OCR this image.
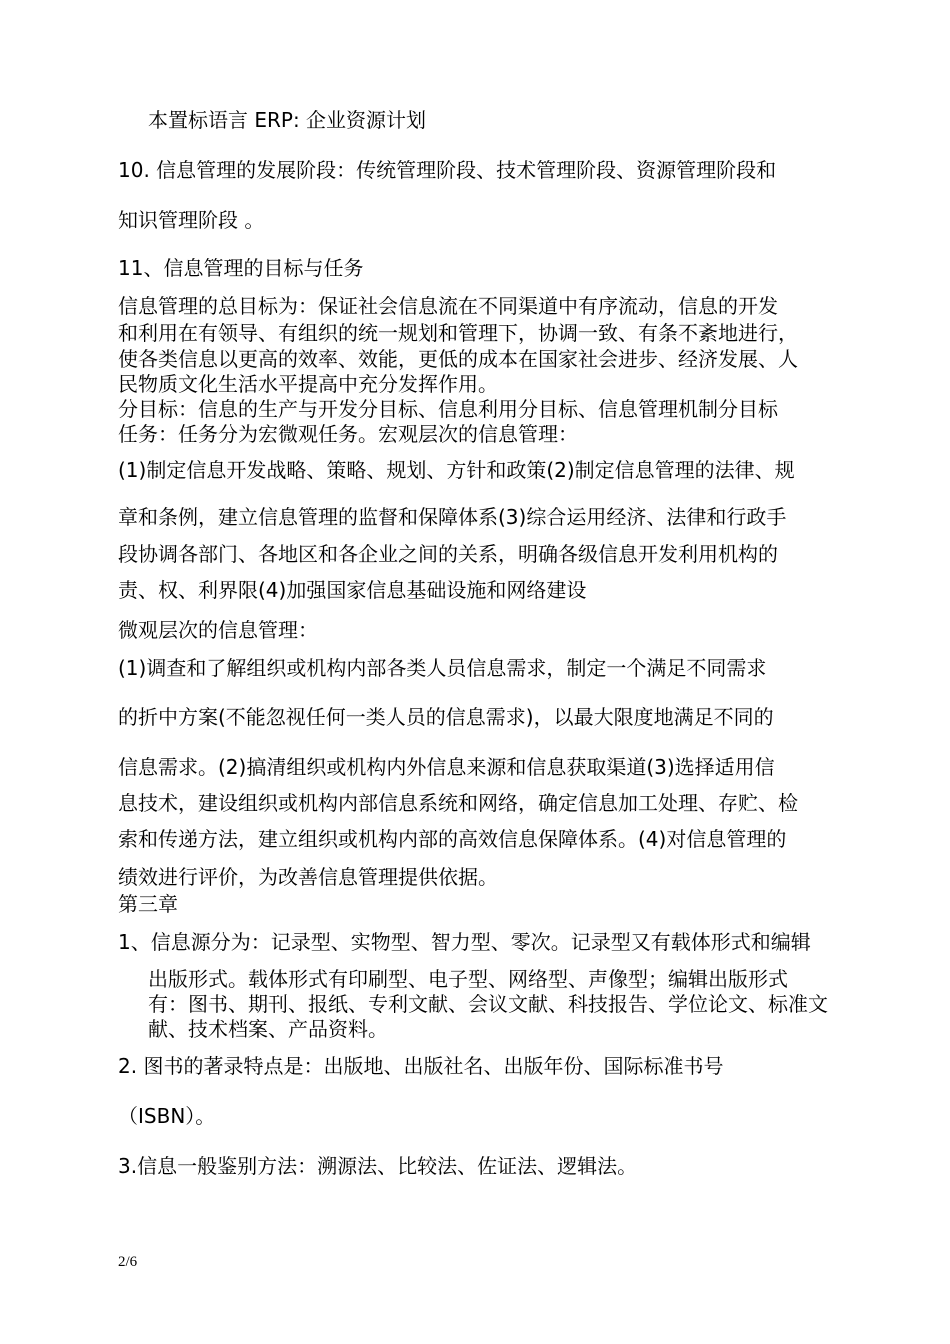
本置标语言 ERP: 企业资源计划
10. 信息管理的发展阶段：传统管理阶段、技术管理阶段、资源管理阶段和
知识管理阶段 。
11、信息管理的目标与任务
信息管理的总目标为：保证社会信息流在不同渠道中有序流动，信息的开发
和利用在有领导、有组织的统一规划和管理下，协调一致、有条不紊地进行，
使各类信息以更高的效率、效能，更低的成本在国家社会进步、经济发展、人
民物质文化生活水平提高中充分发挥作用。
分目标：信息的生产与开发分目标、信息利用分目标、信息管理机制分目标
任务：任务分为宏微观任务。宏观层次的信息管理：
(1)制定信息开发战略、策略、规划、方针和政策(2)制定信息管理的法律、规
章和条例，建立信息管理的监督和保障体系(3)综合运用经济、法律和行政手
段协调各部门、各地区和各企业之间的关系，明确各级信息开发利用机构的
责、权、利界限(4)加强国家信息基础设施和网络建设
微观层次的信息管理：
(1)调查和了解组织或机构内部各类人员信息需求，制定一个满足不同需求
的折中方案(不能忽视任何一类人员的信息需求)，以最大限度地满足不同的
信息需求。(2)搞清组织或机构内外信息来源和信息获取渠道(3)选择适用信
息技术，建设组织或机构内部信息系统和网络，确定信息加工处理、存贮、检
索和传递方法，建立组织或机构内部的高效信息保障体系。(4)对信息管理的
绩效进行评价，为改善信息管理提供依据。
第三章
1、信息源分为：记录型、实物型、智力型、零次。记录型又有载体形式和编辑
出版形式。载体形式有印刷型、电子型、网络型、声像型；编辑出版形式
有：图书、期刊、报纸、专利文献、会议文献、科技报告、学位论文、标准文
献、技术档案、产品资料。
2. 图书的著录特点是：出版地、出版社名、出版年份、国际标准书号
（ISBN）。
3.信息一般鉴别方法：溯源法、比较法、佐证法、逻辑法。
2/6
